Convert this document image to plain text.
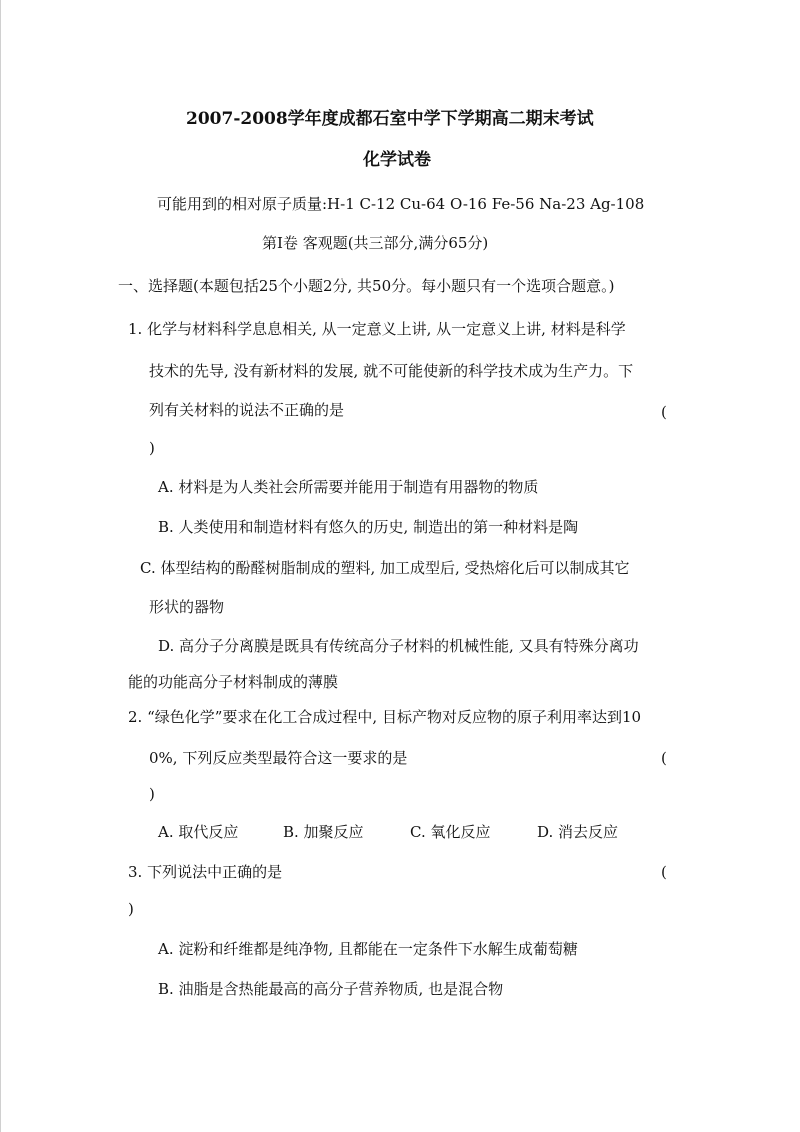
2007-2008学年度成都石室中学下学期高二期末考试
化学试卷
可能用到的相对原子质量:H-1 C-12 Cu-64 O-16 Fe-56 Na-23 Ag-108
第Ⅰ卷 客观题(共三部分,满分65分)
一、选择题(本题包括25个小题2分, 共50分。每小题只有一个选项合题意。)
1. 化学与材料科学息息相关, 从一定意义上讲, 从一定意义上讲, 材料是科学
技术的先导, 没有新材料的发展, 就不可能使新的科学技术成为生产力。下
列有关材料的说法不正确的是	(
)
A. 材料是为人类社会所需要并能用于制造有用器物的物质
B. 人类使用和制造材料有悠久的历史, 制造出的第一种材料是陶
C. 体型结构的酚醛树脂制成的塑料, 加工成型后, 受热熔化后可以制成其它
形状的器物
D. 高分子分离膜是既具有传统高分子材料的机械性能, 又具有特殊分离功
能的功能高分子材料制成的薄膜
2. “绿色化学”要求在化工合成过程中, 目标产物对反应物的原子利用率达到10
0%, 下列反应类型最符合这一要求的是	(
)
A. 取代反应	B. 加聚反应	C. 氧化反应	D. 消去反应
3. 下列说法中正确的是	(
)
A. 淀粉和纤维都是纯净物, 且都能在一定条件下水解生成葡萄糖
B. 油脂是含热能最高的高分子营养物质, 也是混合物
